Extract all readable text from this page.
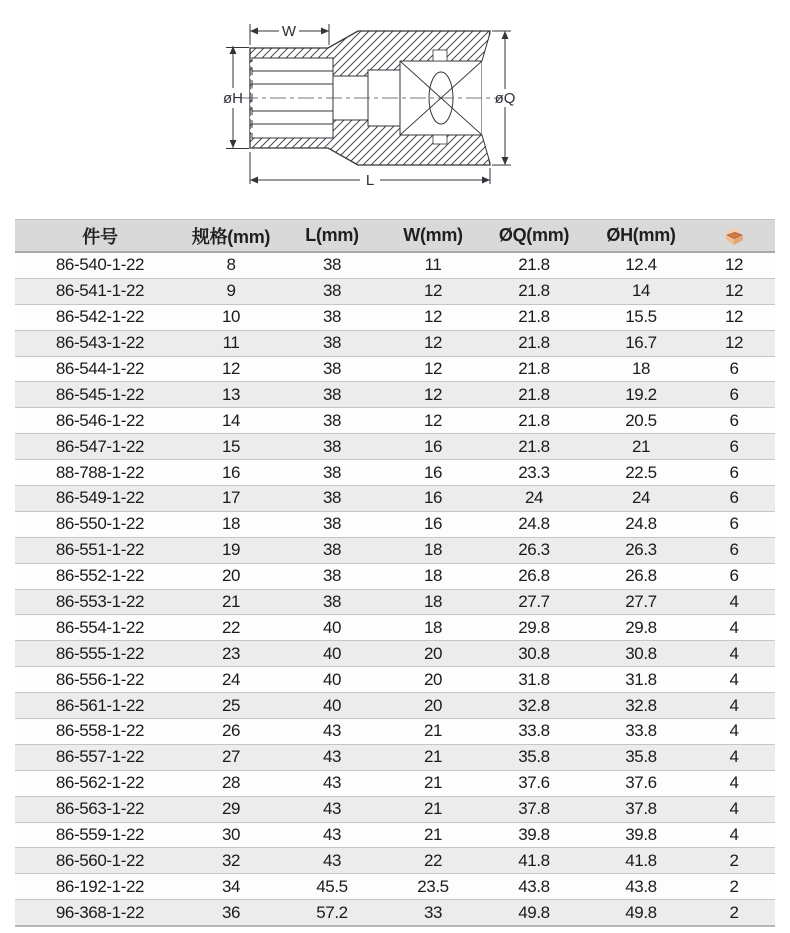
W
øH	øQ
L
件号	规格(mm)	L(mm)	W(mm)	ØQ(mm)	ØH(mm)	

86-540-1-22	8	38	11	21.8	12.4	12
86-541-1-22	9	38	12	21.8	14	12
86-542-1-22	10	38	12	21.8	15.5	12
86-543-1-22	11	38	12	21.8	16.7	12
86-544-1-22	12	38	12	21.8	18	6
86-545-1-22	13	38	12	21.8	19.2	6
86-546-1-22	14	38	12	21.8	20.5	6
86-547-1-22	15	38	16	21.8	21	6
88-788-1-22	16	38	16	23.3	22.5	6
86-549-1-22	17	38	16	24	24	6
86-550-1-22	18	38	16	24.8	24.8	6
86-551-1-22	19	38	18	26.3	26.3	6
86-552-1-22	20	38	18	26.8	26.8	6
86-553-1-22	21	38	18	27.7	27.7	4
86-554-1-22	22	40	18	29.8	29.8	4
86-555-1-22	23	40	20	30.8	30.8	4
86-556-1-22	24	40	20	31.8	31.8	4
86-561-1-22	25	40	20	32.8	32.8	4
86-558-1-22	26	43	21	33.8	33.8	4
86-557-1-22	27	43	21	35.8	35.8	4
86-562-1-22	28	43	21	37.6	37.6	4
86-563-1-22	29	43	21	37.8	37.8	4
86-559-1-22	30	43	21	39.8	39.8	4
86-560-1-22	32	43	22	41.8	41.8	2
86-192-1-22	34	45.5	23.5	43.8	43.8	2
96-368-1-22	36	57.2	33	49.8	49.8	2
